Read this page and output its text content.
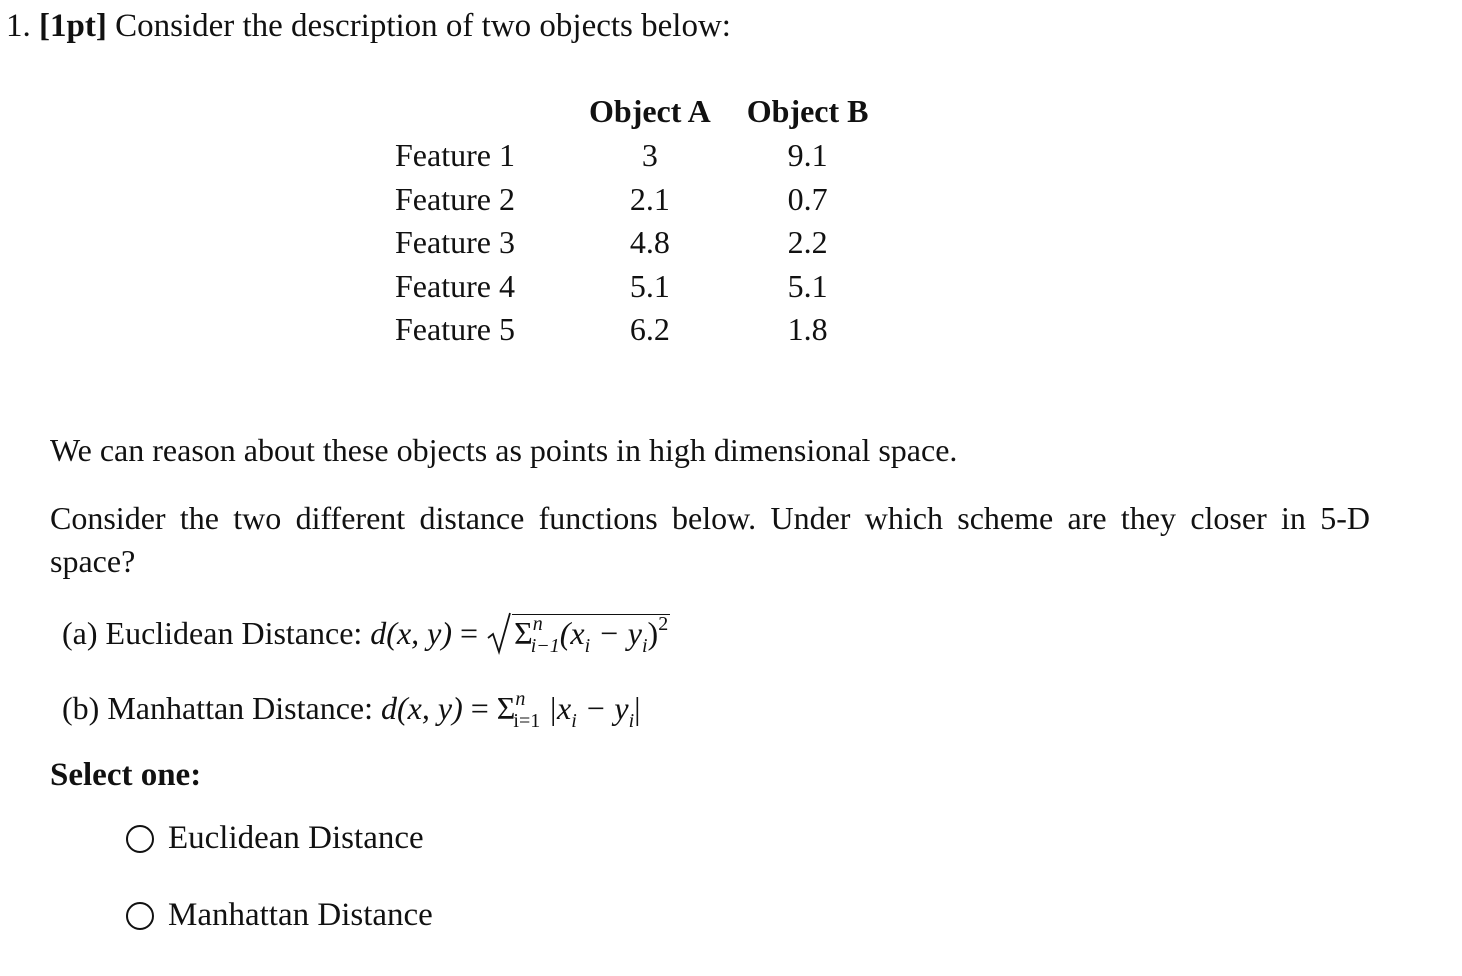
1. [1pt] Consider the description of two objects below:
	Object A	Object B
Feature 1	3	9.1
Feature 2	2.1	0.7
Feature 3	4.8	2.2
Feature 4	5.1	5.1
Feature 5	6.2	1.8
We can reason about these objects as points in high dimensional space.
Consider the two different distance functions below. Under which scheme are they closer in 5-D space?
(a) Euclidean Distance: d(x, $y) = \Sigma^n_{i-1}(x_i - y_i)^2$
(b) Manhattan Distance: d(x, $y) = \Sigma^n_{i=1}$ $|x_i - y_i|$
Select one:
Euclidean Distance
Manhattan Distance
